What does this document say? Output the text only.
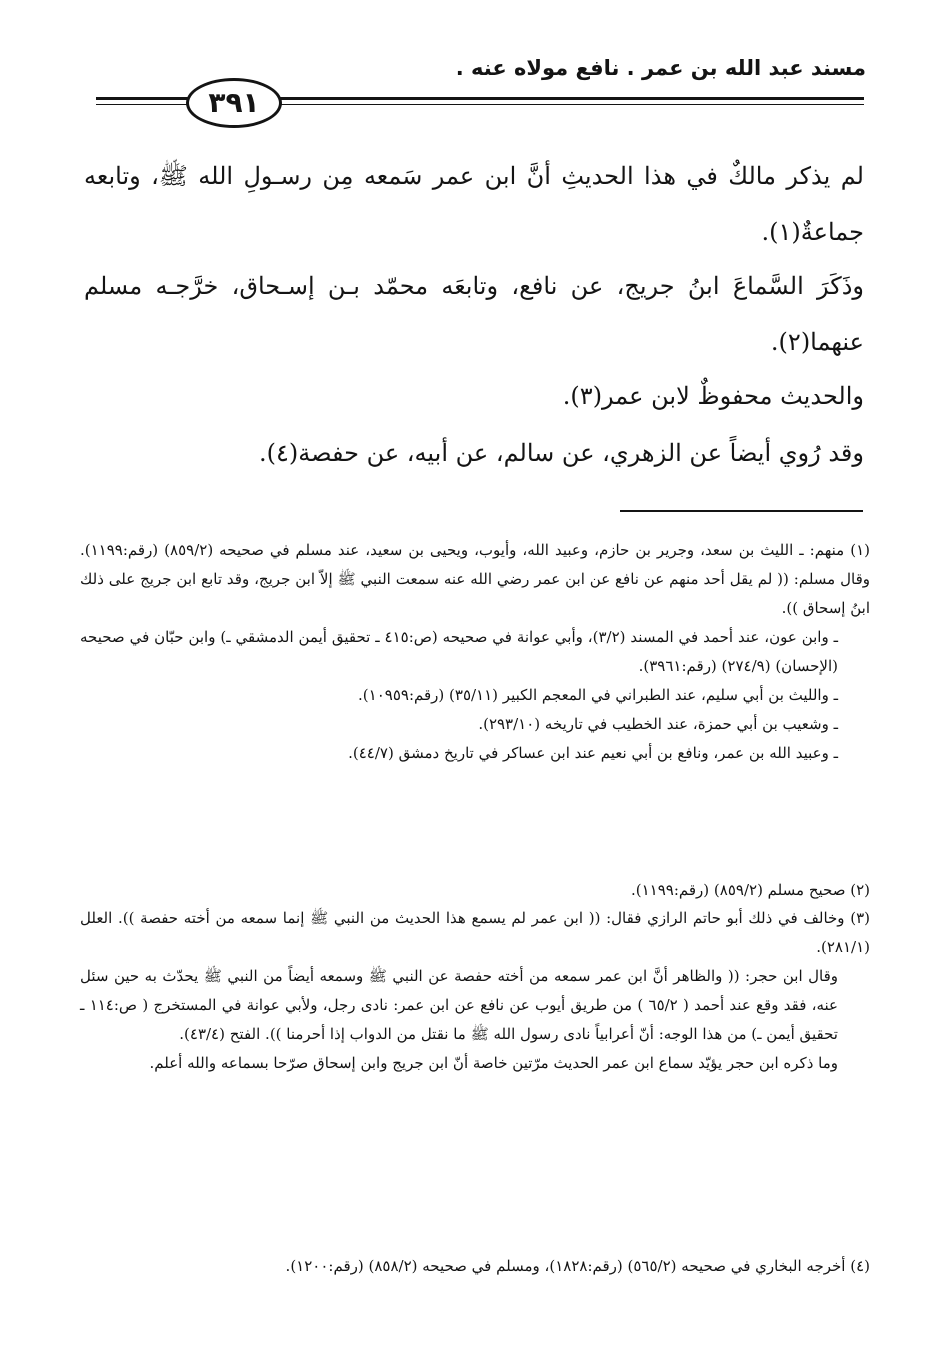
مسند عبد الله بن عمر . نافع مولاه عنه .
٣٩١
لم يذكر مالكٌ في هذا الحديثِ أنَّ ابن عمر سَمعه مِن رسـولِ الله ﷺ، وتابعه جماعةٌ(١).
وذَكَرَ السَّماعَ ابنُ جريج، عن نافع، وتابعَه محمّد بـن إسـحاق، خرَّجـه مسلم عنهما(٢).
والحديث محفوظٌ لابن عمر(٣).
وقد رُوي أيضاً عن الزهري، عن سالم، عن أبيه، عن حفصة(٤).

(١) منهم: ـ الليث بن سعد، وجرير بن حازم، وعبيد الله، وأيوب، ويحيى بن سعيد، عند مسلم في صحيحه (٨٥٩/٢) (رقم:١١٩٩). وقال مسلم: (( لم يقل أحد منهم عن نافع عن ابن عمر رضي الله عنه سمعت النبي ﷺ إلاّ ابن جريج، وقد تابع ابن جريج على ذلك ابنُ إسحاق )).

ـ وابن عون، عند أحمد في المسند (٣/٢)، وأبي عوانة في صحيحه (ص:٤١٥ ـ تحقيق أيمن الدمشقي ـ) وابن حبّان في صحيحه (الإحسان) (٢٧٤/٩) (رقم:٣٩٦١).

ـ والليث بن أبي سليم، عند الطبراني في المعجم الكبير (٣٥/١١) (رقم:١٠٩٥٩).

ـ وشعيب بن أبي حمزة، عند الخطيب في تاريخه (٢٩٣/١٠).

ـ وعبيد الله بن عمر، ونافع بن أبي نعيم عند ابن عساكر في تاريخ دمشق (٤٤/٧).

(٢) صحيح مسلم (٨٥٩/٢) (رقم:١١٩٩).

(٣) وخالف في ذلك أبو حاتم الرازي فقال: (( ابن عمر لم يسمع هذا الحديث من النبي ﷺ إنما سمعه من أخته حفصة )). العلل (٢٨١/١).

وقال ابن حجر: (( والظاهر أنَّ ابن عمر سمعه من أخته حفصة عن النبي ﷺ وسمعه أيضاً من النبي ﷺ يحدّث به حين سئل عنه، فقد وقع عند أحمد ( ٦٥/٢ ) من طريق أيوب عن نافع عن ابن عمر: نادى رجل، ولأبي عوانة في المستخرج ( ص:١١٤ ـ تحقيق أيمن ـ) من هذا الوجه: أنّ أعرابياً نادى رسول الله ﷺ ما نقتل من الدواب إذا أحرمنا )). الفتح (٤٣/٤).

وما ذكره ابن حجر يؤيّد سماع ابن عمر الحديث مرّتين خاصة أنّ ابن جريج وابن إسحاق صرّحا بسماعه والله أعلم.

(٤) أخرجه البخاري في صحيحه (٥٦٥/٢) (رقم:١٨٢٨)، ومسلم في صحيحه (٨٥٨/٢) (رقم:١٢٠٠).
